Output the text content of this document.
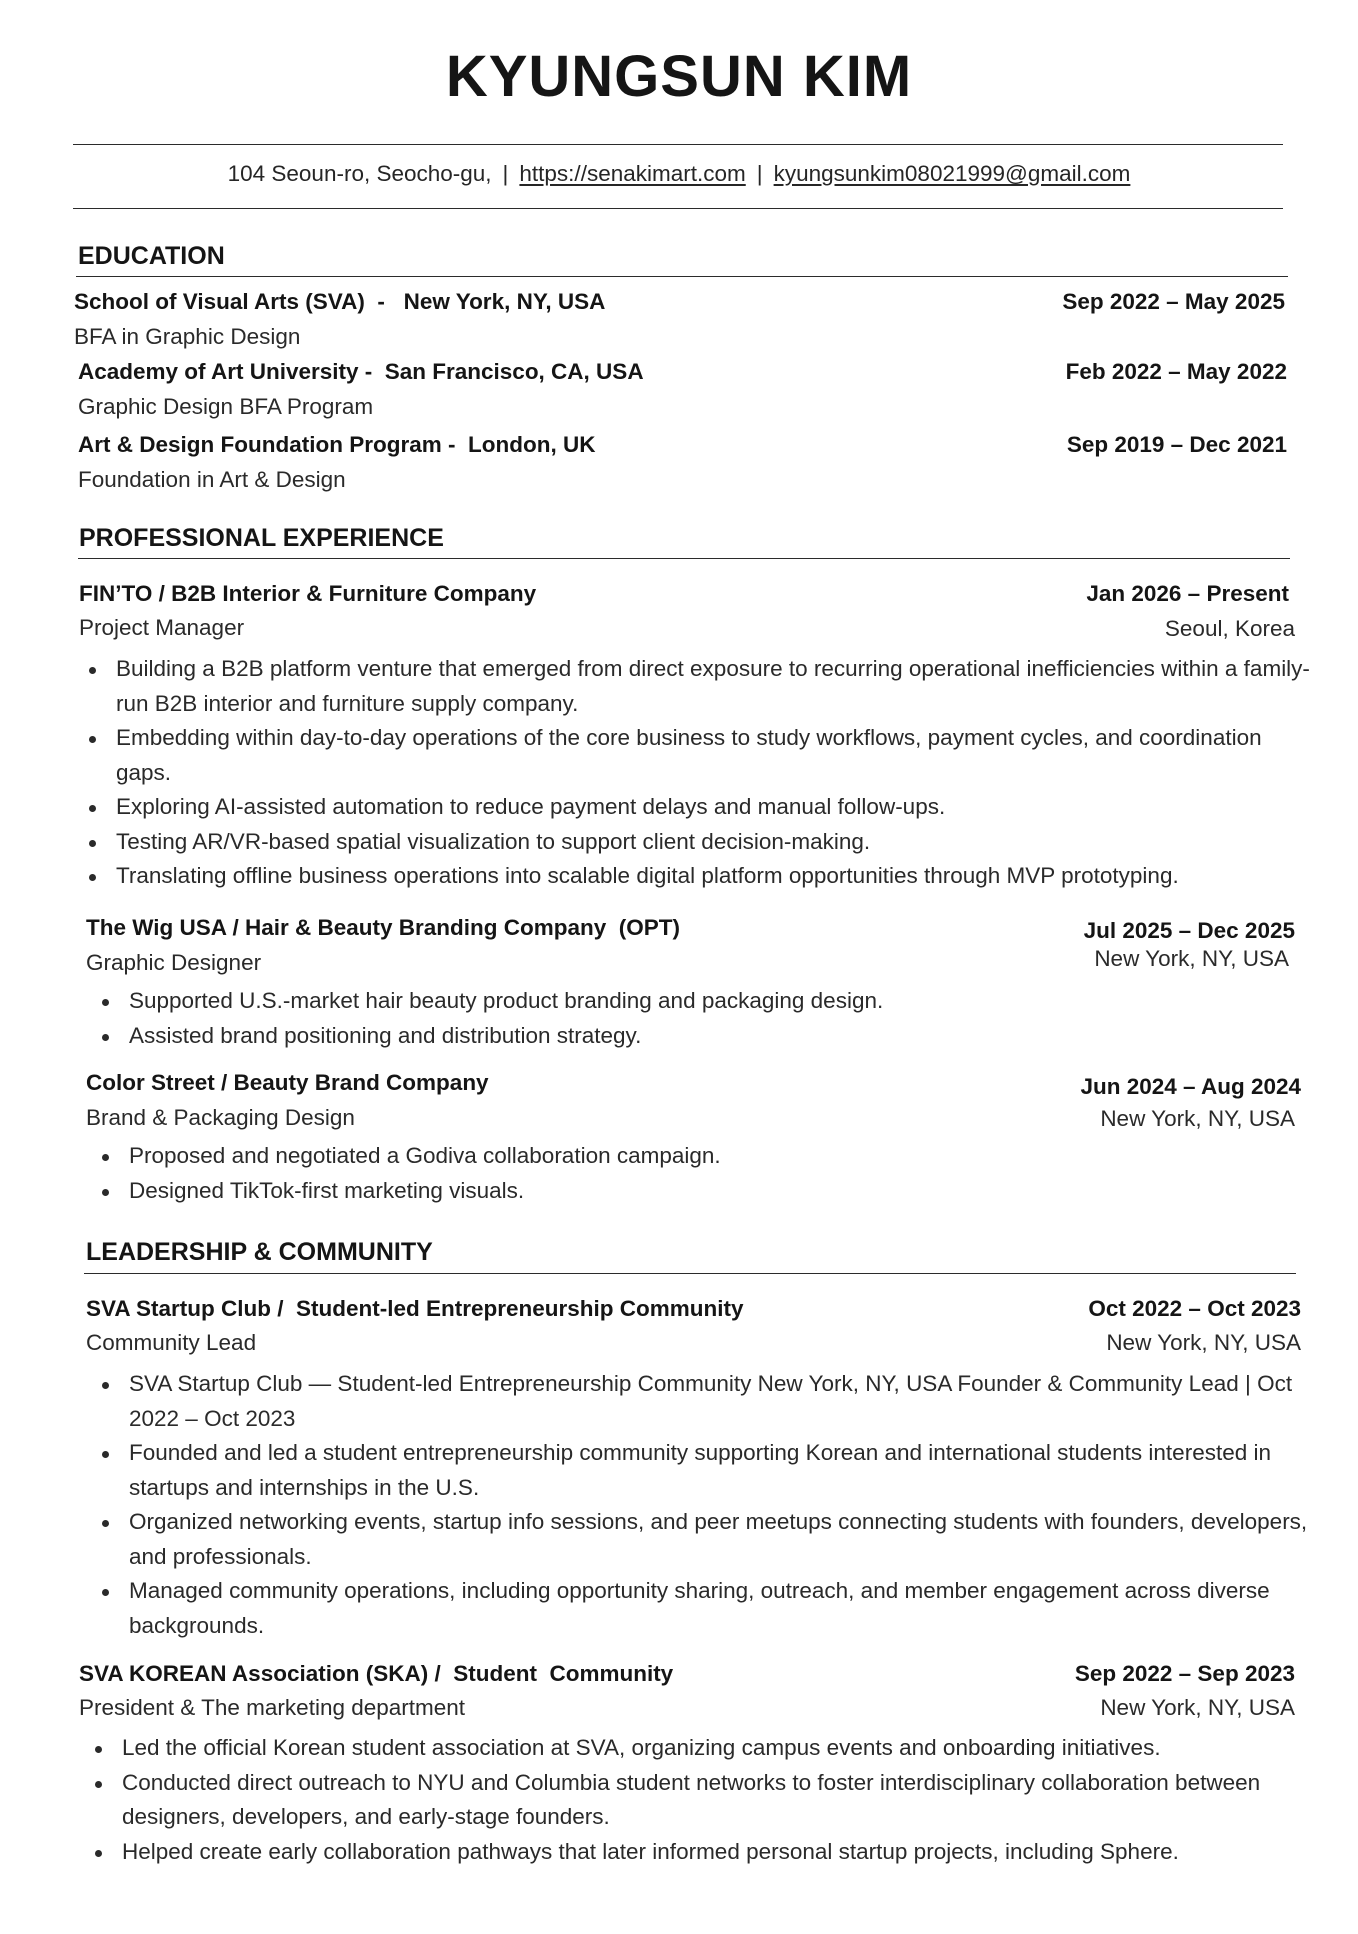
KYUNGSUN KIM
104 Seoun-ro, Seocho-gu, | https://senakimart.com | kyungsunkim08021999@gmail.com
EDUCATION
School of Visual Arts (SVA)  -   New York, NY, USA	Sep 2022 – May 2025
BFA in Graphic Design
Academy of Art University -  San Francisco, CA, USA	Feb 2022 – May 2022
Graphic Design BFA Program
Art & Design Foundation Program -  London, UK	Sep 2019 – Dec 2021
Foundation in Art & Design
PROFESSIONAL EXPERIENCE
FIN’TO / B2B Interior & Furniture Company	Jan 2026 – Present
Project Manager	Seoul, Korea
Building a B2B platform venture that emerged from direct exposure to recurring operational inefficiencies within a family-run B2B interior and furniture supply company.
Embedding within day-to-day operations of the core business to study workflows, payment cycles, and coordination gaps.
Exploring AI-assisted automation to reduce payment delays and manual follow-ups.
Testing AR/VR-based spatial visualization to support client decision-making.
Translating offline business operations into scalable digital platform opportunities through MVP prototyping.
The Wig USA / Hair & Beauty Branding Company  (OPT)	Jul 2025 – Dec 2025
Graphic Designer	New York, NY, USA
Supported U.S.-market hair beauty product branding and packaging design.
Assisted brand positioning and distribution strategy.
Color Street / Beauty Brand Company	Jun 2024 – Aug 2024
Brand & Packaging Design	New York, NY, USA
Proposed and negotiated a Godiva collaboration campaign.
Designed TikTok-first marketing visuals.
LEADERSHIP & COMMUNITY
SVA Startup Club /  Student-led Entrepreneurship Community	Oct 2022 – Oct 2023
Community Lead	New York, NY, USA
SVA Startup Club — Student-led Entrepreneurship Community New York, NY, USA Founder & Community Lead | Oct 2022 – Oct 2023
Founded and led a student entrepreneurship community supporting Korean and international students interested in startups and internships in the U.S.
Organized networking events, startup info sessions, and peer meetups connecting students with founders, developers, and professionals.
Managed community operations, including opportunity sharing, outreach, and member engagement across diverse backgrounds.
SVA KOREAN Association (SKA) /  Student  Community	Sep 2022 – Sep 2023
President & The marketing department	New York, NY, USA
Led the official Korean student association at SVA, organizing campus events and onboarding initiatives.
Conducted direct outreach to NYU and Columbia student networks to foster interdisciplinary collaboration between designers, developers, and early-stage founders.
Helped create early collaboration pathways that later informed personal startup projects, including Sphere.
